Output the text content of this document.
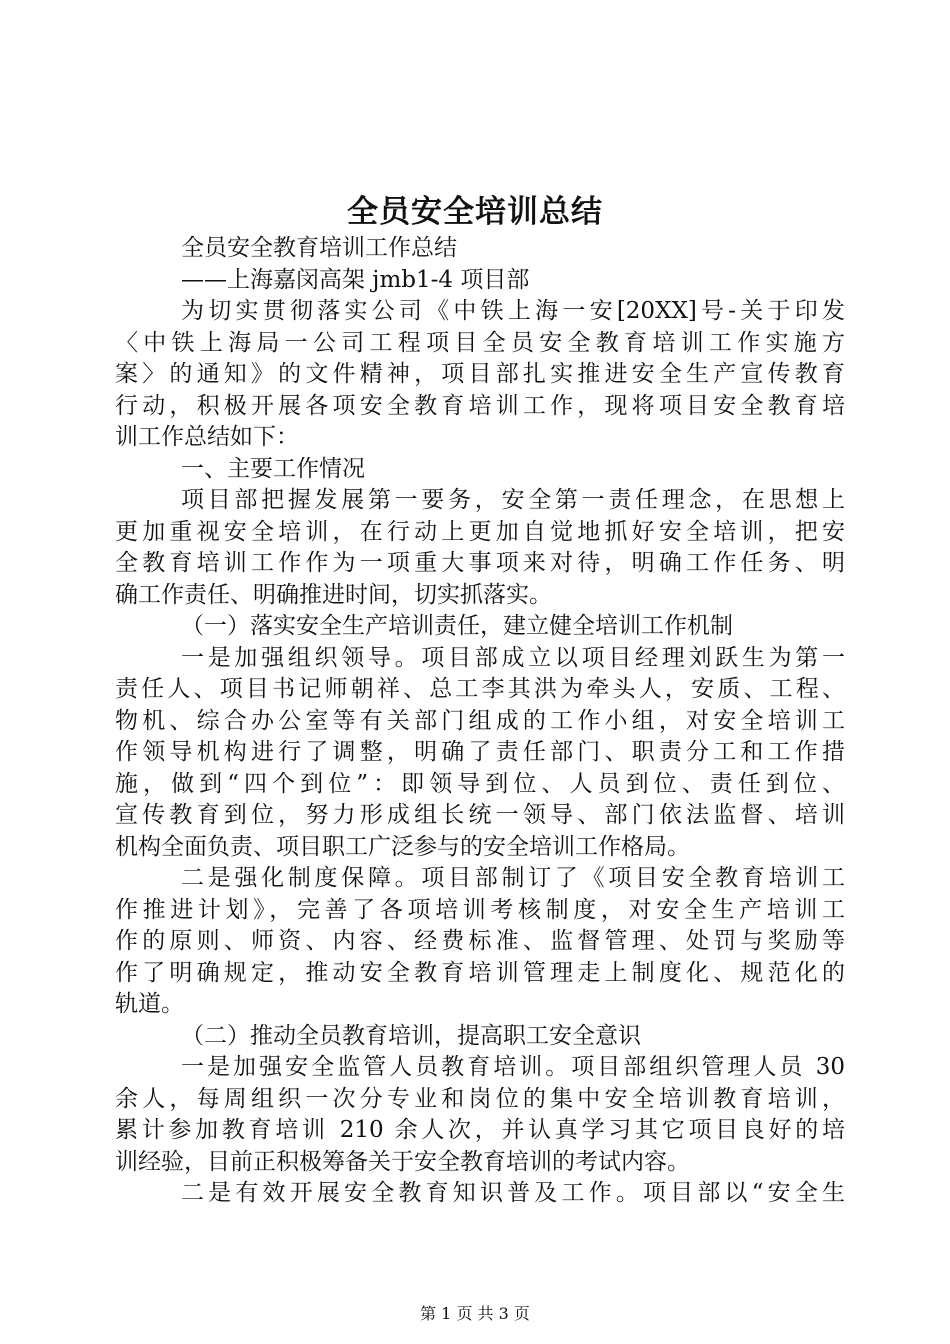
全员安全培训总结
全员安全教育培训工作总结
——上海嘉闵高架 jmb1-4 项目部
为切实贯彻落实公司《中铁上海一安[20XX]号-关于印发
〈中铁上海局一公司工程项目全员安全教育培训工作实施方
案〉的通知》的文件精神，项目部扎实推进安全生产宣传教育
行动，积极开展各项安全教育培训工作，现将项目安全教育培
训工作总结如下：
一、主要工作情况
项目部把握发展第一要务，安全第一责任理念，在思想上
更加重视安全培训，在行动上更加自觉地抓好安全培训，把安
全教育培训工作作为一项重大事项来对待，明确工作任务、明
确工作责任、明确推进时间，切实抓落实。
（一）落实安全生产培训责任，建立健全培训工作机制
一是加强组织领导。项目部成立以项目经理刘跃生为第一
责任人、项目书记师朝祥、总工李其洪为牵头人，安质、工程、
物机、综合办公室等有关部门组成的工作小组，对安全培训工
作领导机构进行了调整，明确了责任部门、职责分工和工作措
施，做到“四个到位”：即领导到位、人员到位、责任到位、
宣传教育到位，努力形成组长统一领导、部门依法监督、培训
机构全面负责、项目职工广泛参与的安全培训工作格局。
二是强化制度保障。项目部制订了《项目安全教育培训工
作推进计划》，完善了各项培训考核制度，对安全生产培训工
作的原则、师资、内容、经费标准、监督管理、处罚与奖励等
作了明确规定，推动安全教育培训管理走上制度化、规范化的
轨道。
（二）推动全员教育培训，提高职工安全意识
一是加强安全监管人员教育培训。项目部组织管理人员 30
余人，每周组织一次分专业和岗位的集中安全培训教育培训，
累计参加教育培训 210 余人次，并认真学习其它项目良好的培
训经验，目前正积极筹备关于安全教育培训的考试内容。
二是有效开展安全教育知识普及工作。项目部以“安全生
第 1 页 共 3 页
